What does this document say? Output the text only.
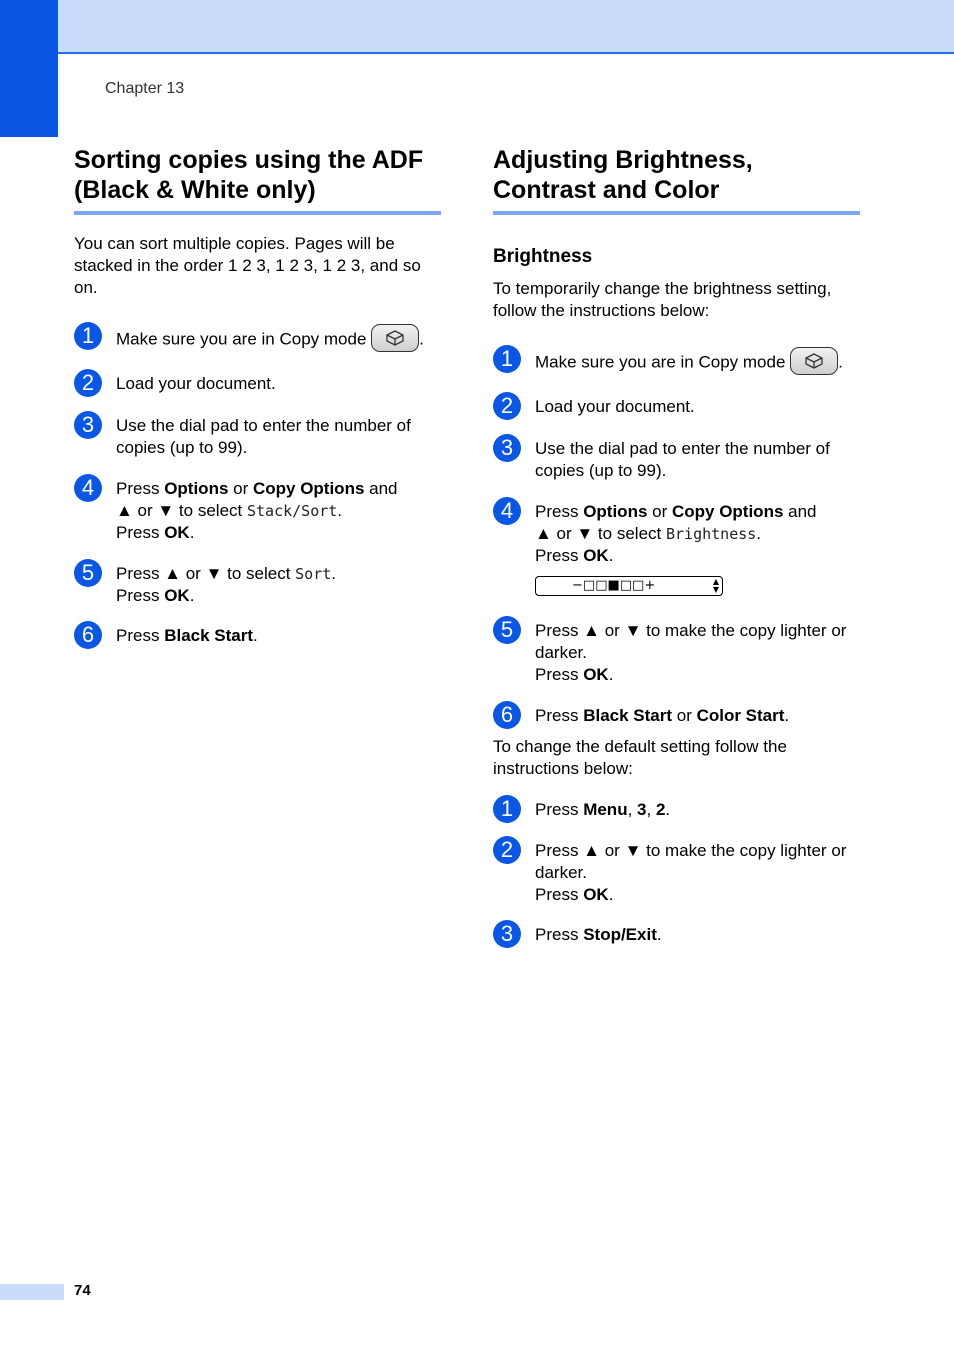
Chapter 13
Sorting copies using the ADF
(Black & White only)

You can sort multiple copies. Pages will be stacked in the order 1 2 3, 1 2 3, 1 2 3, and so on.

1	Make sure you are in Copy mode	.
2	Load your document.
3	Use the dial pad to enter the number of copies (up to 99).
4	Press Options or Copy Options and
▲ or ▼ to select Stack/Sort.
Press OK.
5	Press ▲ or ▼ to select Sort.
Press OK.
6	Press Black Start.
Adjusting Brightness,
Contrast and Color
Brightness

To temporarily change the brightness setting, follow the instructions below:

1	Make sure you are in Copy mode	.
2	Load your document.
3	Use the dial pad to enter the number of copies (up to 99).
4	Press Options or Copy Options and
▲ or ▼ to select Brightness.
Press OK.
−□□■□□+	▲
▼
5	Press ▲ or ▼ to make the copy lighter or darker.
Press OK.
6	Press Black Start or Color Start.

To change the default setting follow the instructions below:

1	Press Menu, 3, 2.
2	Press ▲ or ▼ to make the copy lighter or darker.
Press OK.
3	Press Stop/Exit.
74
